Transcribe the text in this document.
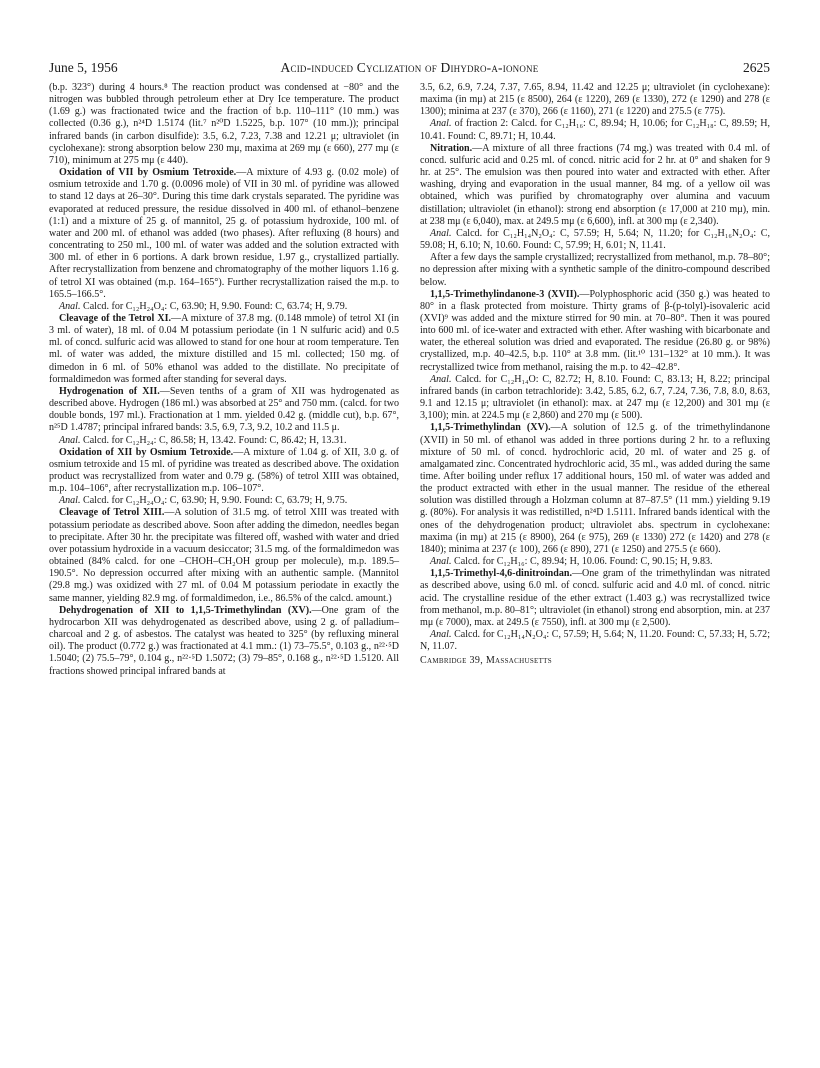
June 5, 1956	Acid-induced Cyclization of Dihydro-α-ionone	2625

(b.p. 323°) during 4 hours.⁸ The reaction product was condensed at −80° and the nitrogen was bubbled through petroleum ether at Dry Ice temperature. The product (1.69 g.) was fractionated twice and the fraction of b.p. 110–111° (10 mm.) was collected (0.36 g.), n²⁴D 1.5174 (lit.⁷ n²⁰D 1.5225, b.p. 107° (10 mm.)); principal infrared bands (in carbon disulfide): 3.5, 6.2, 7.23, 7.38 and 12.21 μ; ultraviolet (in cyclohexane): strong absorption below 230 mμ, maxima at 269 mμ (ε 660), 277 mμ (ε 710), minimum at 275 mμ (ε 440).

Oxidation of VII by Osmium Tetroxide.—A mixture of 4.93 g. (0.02 mole) of osmium tetroxide and 1.70 g. (0.0096 mole) of VII in 30 ml. of pyridine was allowed to stand 12 days at 26–30°. During this time dark crystals separated. The pyridine was evaporated at reduced pressure, the residue dissolved in 400 ml. of ethanol–benzene (1:1) and a mixture of 25 g. of mannitol, 25 g. of potassium hydroxide, 100 ml. of water and 200 ml. of ethanol was added (two phases). After refluxing (8 hours) and concentrating to 250 ml., 100 ml. of water was added and the solution extracted with 300 ml. of ether in 6 portions. A dark brown residue, 1.97 g., crystallized partially. After recrystallization from benzene and chromatography of the mother liquors 1.16 g. of tetrol XI was obtained (m.p. 164–165°). Further recrystallization raised the m.p. to 165.5–166.5°.

Anal. Calcd. for C₁₂H₂₄O₄: C, 63.90; H, 9.90. Found: C, 63.74; H, 9.79.

Cleavage of the Tetrol XI.—A mixture of 37.8 mg. (0.148 mmole) of tetrol XI (in 3 ml. of water), 18 ml. of 0.04 M potassium periodate (in 1 N sulfuric acid) and 0.5 ml. of concd. sulfuric acid was allowed to stand for one hour at room temperature. Ten ml. of water was added, the mixture distilled and 15 ml. collected; 150 mg. of dimedon in 6 ml. of 50% ethanol was added to the distillate. No precipitate of formaldimedon was formed after standing for several days.

Hydrogenation of XII.—Seven tenths of a gram of XII was hydrogenated as described above. Hydrogen (186 ml.) was absorbed at 25° and 750 mm. (calcd. for two double bonds, 197 ml.). Fractionation at 1 mm. yielded 0.42 g. (middle cut), b.p. 67°, n²⁵D 1.4787; principal infrared bands: 3.5, 6.9, 7.3, 9.2, 10.2 and 11.5 μ.

Anal. Calcd. for C₁₂H₂₄: C, 86.58; H, 13.42. Found: C, 86.42; H, 13.31.

Oxidation of XII by Osmium Tetroxide.—A mixture of 1.04 g. of XII, 3.0 g. of osmium tetroxide and 15 ml. of pyridine was treated as described above. The oxidation product was recrystallized from water and 0.79 g. (58%) of tetrol XIII was obtained, m.p. 104–106°, after recrystallization m.p. 106–107°.

Anal. Calcd. for C₁₂H₂₄O₄: C, 63.90; H, 9.90. Found: C, 63.79; H, 9.75.

Cleavage of Tetrol XIII.—A solution of 31.5 mg. of tetrol XIII was treated with potassium periodate as described above. Soon after adding the dimedon, needles began to precipitate. After 30 hr. the precipitate was filtered off, washed with water and dried over potassium hydroxide in a vacuum desiccator; 31.5 mg. of the formaldimedon was obtained (84% calcd. for one –CHOH–CH₂OH group per molecule), m.p. 189.5–190.5°. No depression occurred after mixing with an authentic sample. (Mannitol (29.8 mg.) was oxidized with 27 ml. of 0.04 M potassium periodate in exactly the same manner, yielding 82.9 mg. of formaldimedon, i.e., 86.5% of the calcd. amount.)

Dehydrogenation of XII to 1,1,5-Trimethylindan (XV).—One gram of the hydrocarbon XII was dehydrogenated as described above, using 2 g. of palladium–charcoal and 2 g. of asbestos. The catalyst was heated to 325° (by refluxing mineral oil). The product (0.772 g.) was fractionated at 4.1 mm.: (1) 73–75.5°, 0.103 g., n²²·⁵D 1.5040; (2) 75.5–79°, 0.104 g., n²²·⁵D 1.5072; (3) 79–85°, 0.168 g., n²²·⁵D 1.5120. All fractions showed principal infrared bands at

3.5, 6.2, 6.9, 7.24, 7.37, 7.65, 8.94, 11.42 and 12.25 μ; ultraviolet (in cyclohexane): maxima (in mμ) at 215 (ε 8500), 264 (ε 1220), 269 (ε 1330), 272 (ε 1290) and 278 (ε 1300); minima at 237 (ε 370), 266 (ε 1160), 271 (ε 1220) and 275.5 (ε 775).

Anal. of fraction 2: Calcd. for C₁₂H₁₆: C, 89.94; H, 10.06; for C₁₂H₁₈: C, 89.59; H, 10.41. Found: C, 89.71; H, 10.44.

Nitration.—A mixture of all three fractions (74 mg.) was treated with 0.4 ml. of concd. sulfuric acid and 0.25 ml. of concd. nitric acid for 2 hr. at 0° and shaken for 9 hr. at 25°. The emulsion was then poured into water and extracted with ether. After washing, drying and evaporation in the usual manner, 84 mg. of a yellow oil was obtained, which was purified by chromatography over alumina and vacuum distillation; ultraviolet (in ethanol): strong end absorption (ε 17,000 at 210 mμ), min. at 238 mμ (ε 6,040), max. at 249.5 mμ (ε 6,600), infl. at 300 mμ (ε 2,340).

Anal. Calcd. for C₁₂H₁₄N₂O₄: C, 57.59; H, 5.64; N, 11.20; for C₁₂H₁₆N₂O₄: C, 59.08; H, 6.10; N, 10.60. Found: C, 57.99; H, 6.01; N, 11.41.

After a few days the sample crystallized; recrystallized from methanol, m.p. 78–80°; no depression after mixing with a synthetic sample of the dinitro-compound described below.

1,1,5-Trimethylindanone-3 (XVII).—Polyphosphoric acid (350 g.) was heated to 80° in a flask protected from moisture. Thirty grams of β-(p-tolyl)-isovaleric acid (XVI)⁹ was added and the mixture stirred for 90 min. at 70–80°. Then it was poured into 600 ml. of ice-water and extracted with ether. After washing with bicarbonate and water, the ethereal solution was dried and evaporated. The residue (26.80 g. or 98%) crystallized, m.p. 40–42.5, b.p. 110° at 3.8 mm. (lit.¹⁰ 131–132° at 10 mm.). It was recrystallized twice from methanol, raising the m.p. to 42–42.8°.

Anal. Calcd. for C₁₂H₁₄O: C, 82.72; H, 8.10. Found: C, 83.13; H, 8.22; principal infrared bands (in carbon tetrachloride): 3.42, 5.85, 6.2, 6.7, 7.24, 7.36, 7.8, 8.0, 8.63, 9.1 and 12.15 μ; ultraviolet (in ethanol): max. at 247 mμ (ε 12,200) and 301 mμ (ε 3,100); min. at 224.5 mμ (ε 2,860) and 270 mμ (ε 500).

1,1,5-Trimethylindan (XV).—A solution of 12.5 g. of the trimethylindanone (XVII) in 50 ml. of ethanol was added in three portions during 2 hr. to a refluxing mixture of 50 ml. of concd. hydrochloric acid, 20 ml. of water and 25 g. of amalgamated zinc. Concentrated hydrochloric acid, 35 ml., was added during the same time. After boiling under reflux 17 additional hours, 150 ml. of water was added and the product extracted with ether in the usual manner. The residue of the ethereal solution was distilled through a Holzman column at 87–87.5° (11 mm.) yielding 9.19 g. (80%). For analysis it was redistilled, n²⁴D 1.5111. Infrared bands identical with the ones of the dehydrogenation product; ultraviolet abs. spectrum in cyclohexane: maxima (in mμ) at 215 (ε 8900), 264 (ε 975), 269 (ε 1330) 272 (ε 1420) and 278 (ε 1840); minima at 237 (ε 100), 266 (ε 890), 271 (ε 1250) and 275.5 (ε 660).

Anal. Calcd. for C₁₂H₁₆: C, 89.94; H, 10.06. Found: C, 90.15; H, 9.83.

1,1,5-Trimethyl-4,6-dinitroindan.—One gram of the trimethylindan was nitrated as described above, using 6.0 ml. of concd. sulfuric acid and 4.0 ml. of concd. nitric acid. The crystalline residue of the ether extract (1.403 g.) was recrystallized twice from methanol, m.p. 80–81°; ultraviolet (in ethanol) strong end absorption, min. at 237 mμ (ε 7000), max. at 249.5 (ε 7550), infl. at 300 mμ (ε 2,500).

Anal. Calcd. for C₁₂H₁₄N₂O₄: C, 57.59; H, 5.64; N, 11.20. Found: C, 57.33; H, 5.72; N, 11.07.

Cambridge 39, Massachusetts
